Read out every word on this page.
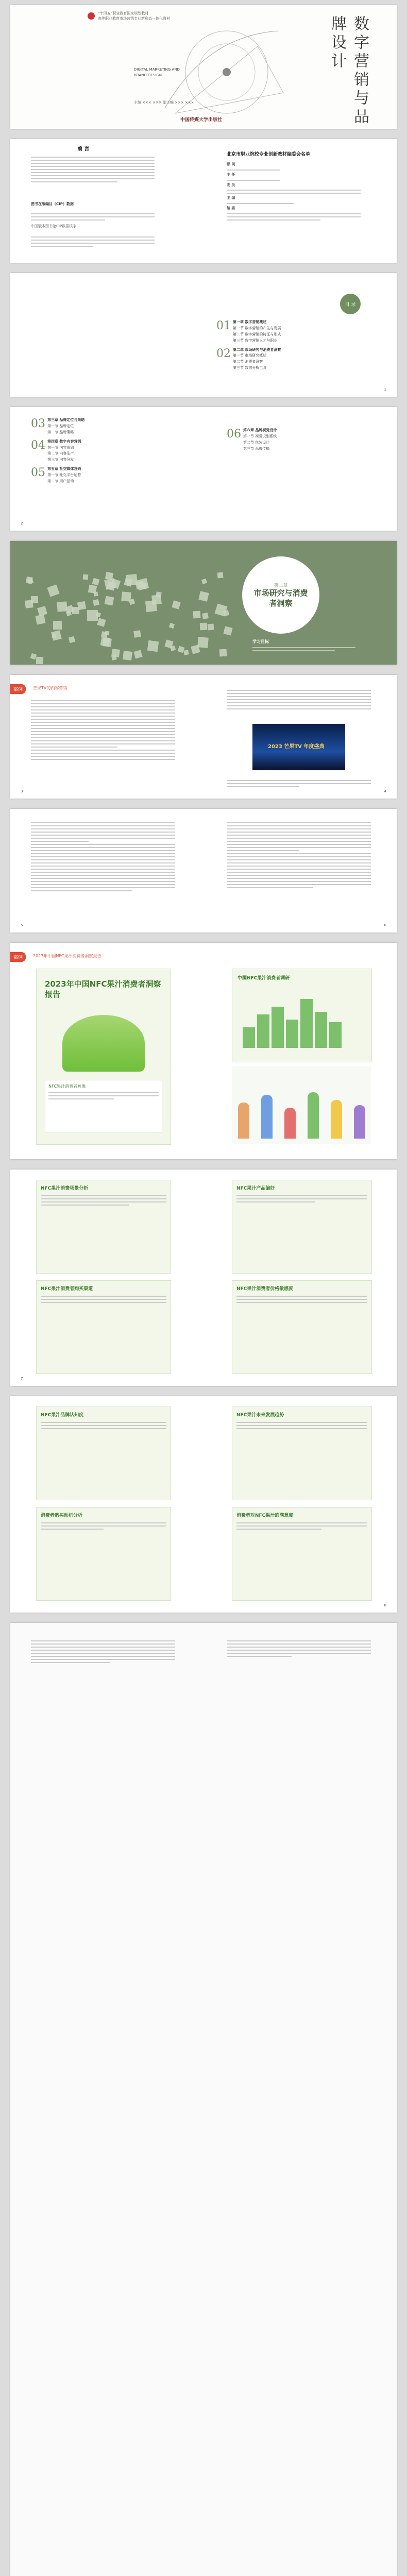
“十四五”职业教育国家规划教材
高等职业教育市场营销专业新形态一体化教材	数字营销与品牌设计
DIGITAL MARKETING AND BRAND DESIGN
主编 ××× ××× 副主编 ××× ×××
中国传媒大学出版社
前 言
图书在版编目（CIP）数据
中国版本图书馆CIP数据核字
北京市职业院校专业创新教材编委会名单
顾 问
主 任
委 员
主 编
编 委
目 录
01 第一章 数字营销概述
第一节 数字营销的产生与发展
第二节 数字营销的特征与形式
第三节 数字营销人才与职业
02 第二章 市场研究与消费者洞察
第一节 市场研究概述
第二节 消费者洞察
第三节 数据分析工具
1
03 第三章 品牌定位与策略
第一节 品牌定位
第二节 品牌策略
04 第四章 数字内容营销
第一节 内容策划
第二节 内容生产
第三节 内容分发
05 第五章 社交媒体营销
第一节 社交平台运营
第二节 用户互动
06 第六章 品牌视觉设计
第一节 视觉识别系统
第二节 包装设计
第三节 品牌传播
2
第二章
市场研究与消费者洞察
学习目标
案例	芒果TV的内容营销
2023 芒果TV 年度盛典
3	4
5	6
案例	2023年中国NFC果汁消费者洞察报告
2023年中国NFC果汁消费者洞察报告
NFC果汁消费者画像
中国NFC果汁消费者调研
NFC果汁消费场景分析
NFC果汁消费者购买渠道
NFC果汁产品偏好
NFC果汁消费者价格敏感度
7
NFC果汁品牌认知度
消费者购买动机分析
NFC果汁未来发展趋势
消费者对NFC果汁的满意度
8
